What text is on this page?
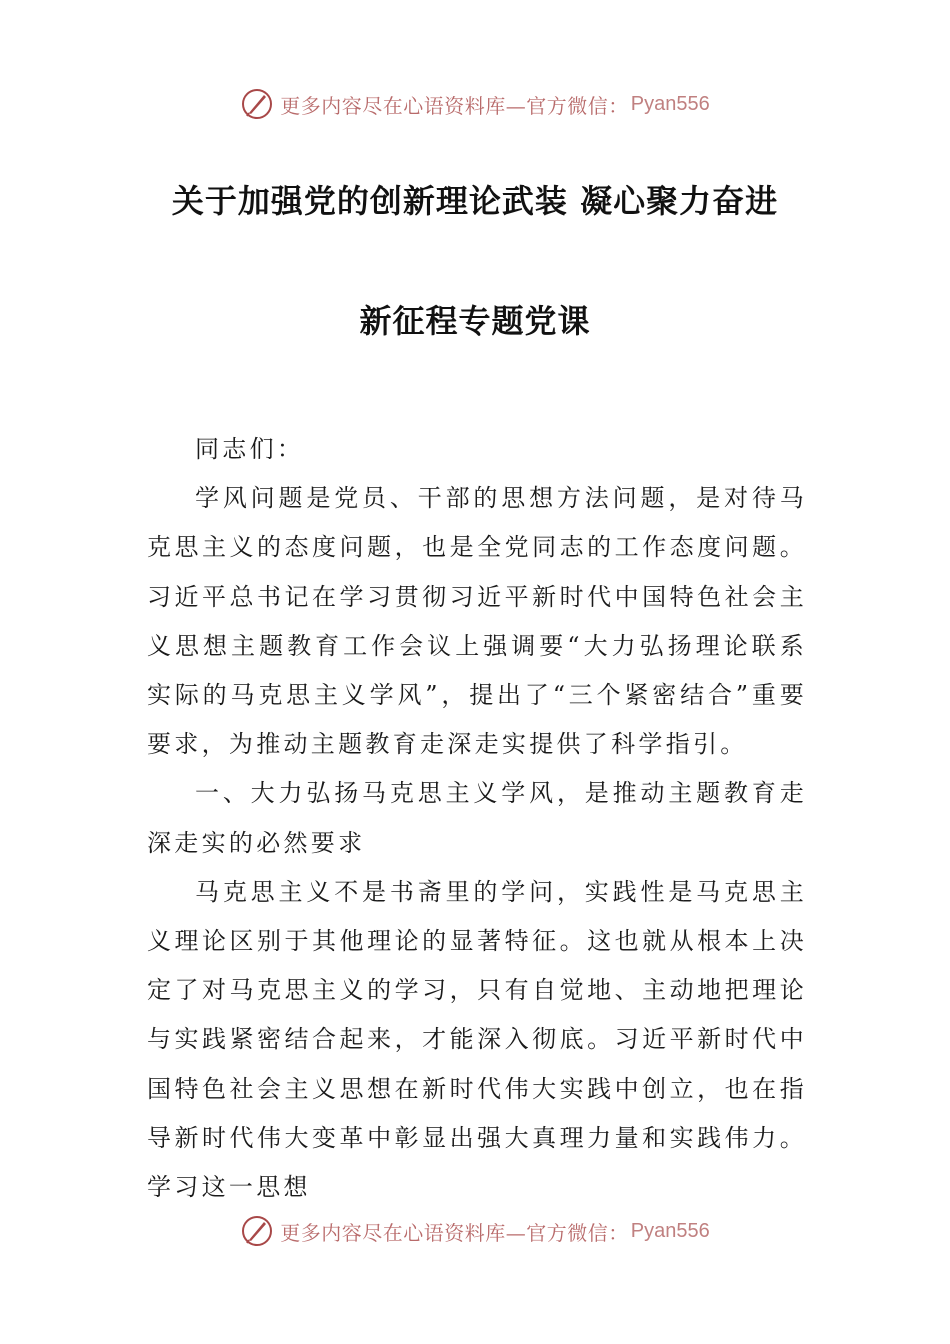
更多内容尽在心语资料库—官方微信： Pyan556
关于加强党的创新理论武装 凝心聚力奋进
新征程专题党课

同志们：

学风问题是党员、干部的思想方法问题，是对待马克思主义的态度问题，也是全党同志的工作态度问题。习近平总书记在学习贯彻习近平新时代中国特色社会主义思想主题教育工作会议上强调要“大力弘扬理论联系实际的马克思主义学风”，提出了“三个紧密结合”重要要求，为推动主题教育走深走实提供了科学指引。

一、大力弘扬马克思主义学风，是推动主题教育走深走实的必然要求

马克思主义不是书斋里的学问，实践性是马克思主义理论区别于其他理论的显著特征。这也就从根本上决定了对马克思主义的学习，只有自觉地、主动地把理论与实践紧密结合起来，才能深入彻底。习近平新时代中国特色社会主义思想在新时代伟大实践中创立，也在指导新时代伟大变革中彰显出强大真理力量和实践伟力。学习这一思想

更多内容尽在心语资料库—官方微信： Pyan556
